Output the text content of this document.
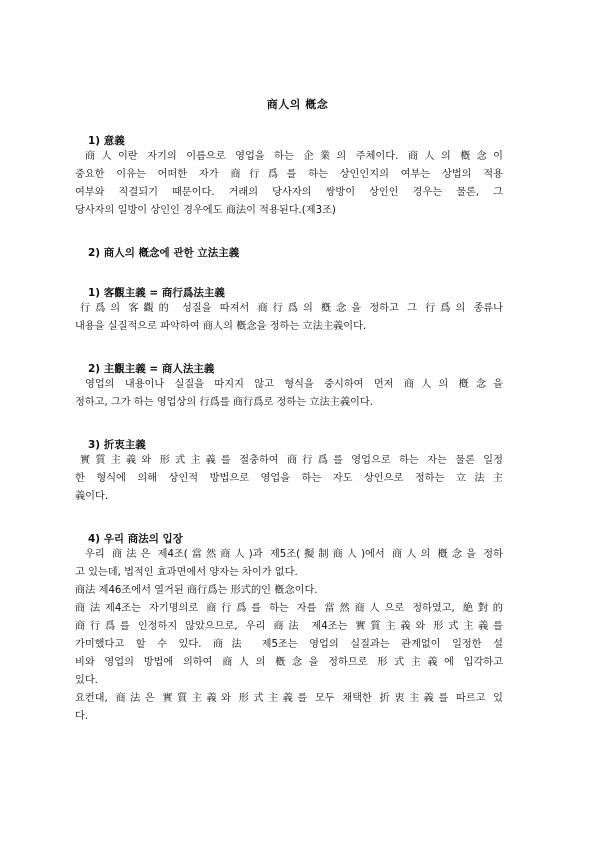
商人의 槪念
1) 意義
商人이란 자기의 이름으로 영업을 하는 企業의 주체이다. 商人의 槪念이
중요한 이유는 어떠한 자가 商行爲를 하는 상인인지의 여부는 상법의 적용
여부와 직결되기 때문이다. 거래의 당사자의 쌍방이 상인인 경우는 물론, 그
당사자의 일방이 상인인 경우에도 商法이 적용된다.(제3조)
2) 商人의 槪念에 관한 立法主義
1) 客觀主義 = 商行爲法主義
行爲의 客觀的 성질을 따져서 商行爲의 槪念을 정하고 그 行爲의 종류나
내용을 실질적으로 파악하여 商人의 槪念을 정하는 立法主義이다.
2) 主觀主義 = 商人法主義
영업의 내용이나 실질을 따지지 않고 형식을 중시하여 먼저 商人의 槪念을
정하고, 그가 하는 영업상의 行爲를 商行爲로 정하는 立法主義이다.
3) 折衷主義
實質主義와 形式主義를 절충하여 商行爲를 영업으로 하는 자는 물론 일정
한 형식에 의해 상인적 방법으로 영업을 하는 자도 상인으로 정하는 立法主
義이다.
4) 우리 商法의 입장
우리 商法은 제4조(當然商人)과 제5조(擬制商人)에서 商人의 槪念을 정하
고 있는데, 법적인 효과면에서 양자는 차이가 없다.
商法 제46조에서 열거된 商行爲는 形式的인 槪念이다.
商法제4조는 자기명의로 商行爲를 하는 자를 當然商人으로 정하였고, 絶對的
商行爲를 인정하지 않았으므로, 우리 商法 제4조는 實質主義와 形式主義를
가미했다고 할 수 있다. 商法 제5조는 영업의 실질과는 관계없이 일정한 설
비와 영업의 방법에 의하여 商人의 槪念을 정하므로 形式主義에 입각하고
있다.
요컨대, 商法은 實質主義와 形式主義를 모두 채택한 折衷主義를 따르고 있
다.
